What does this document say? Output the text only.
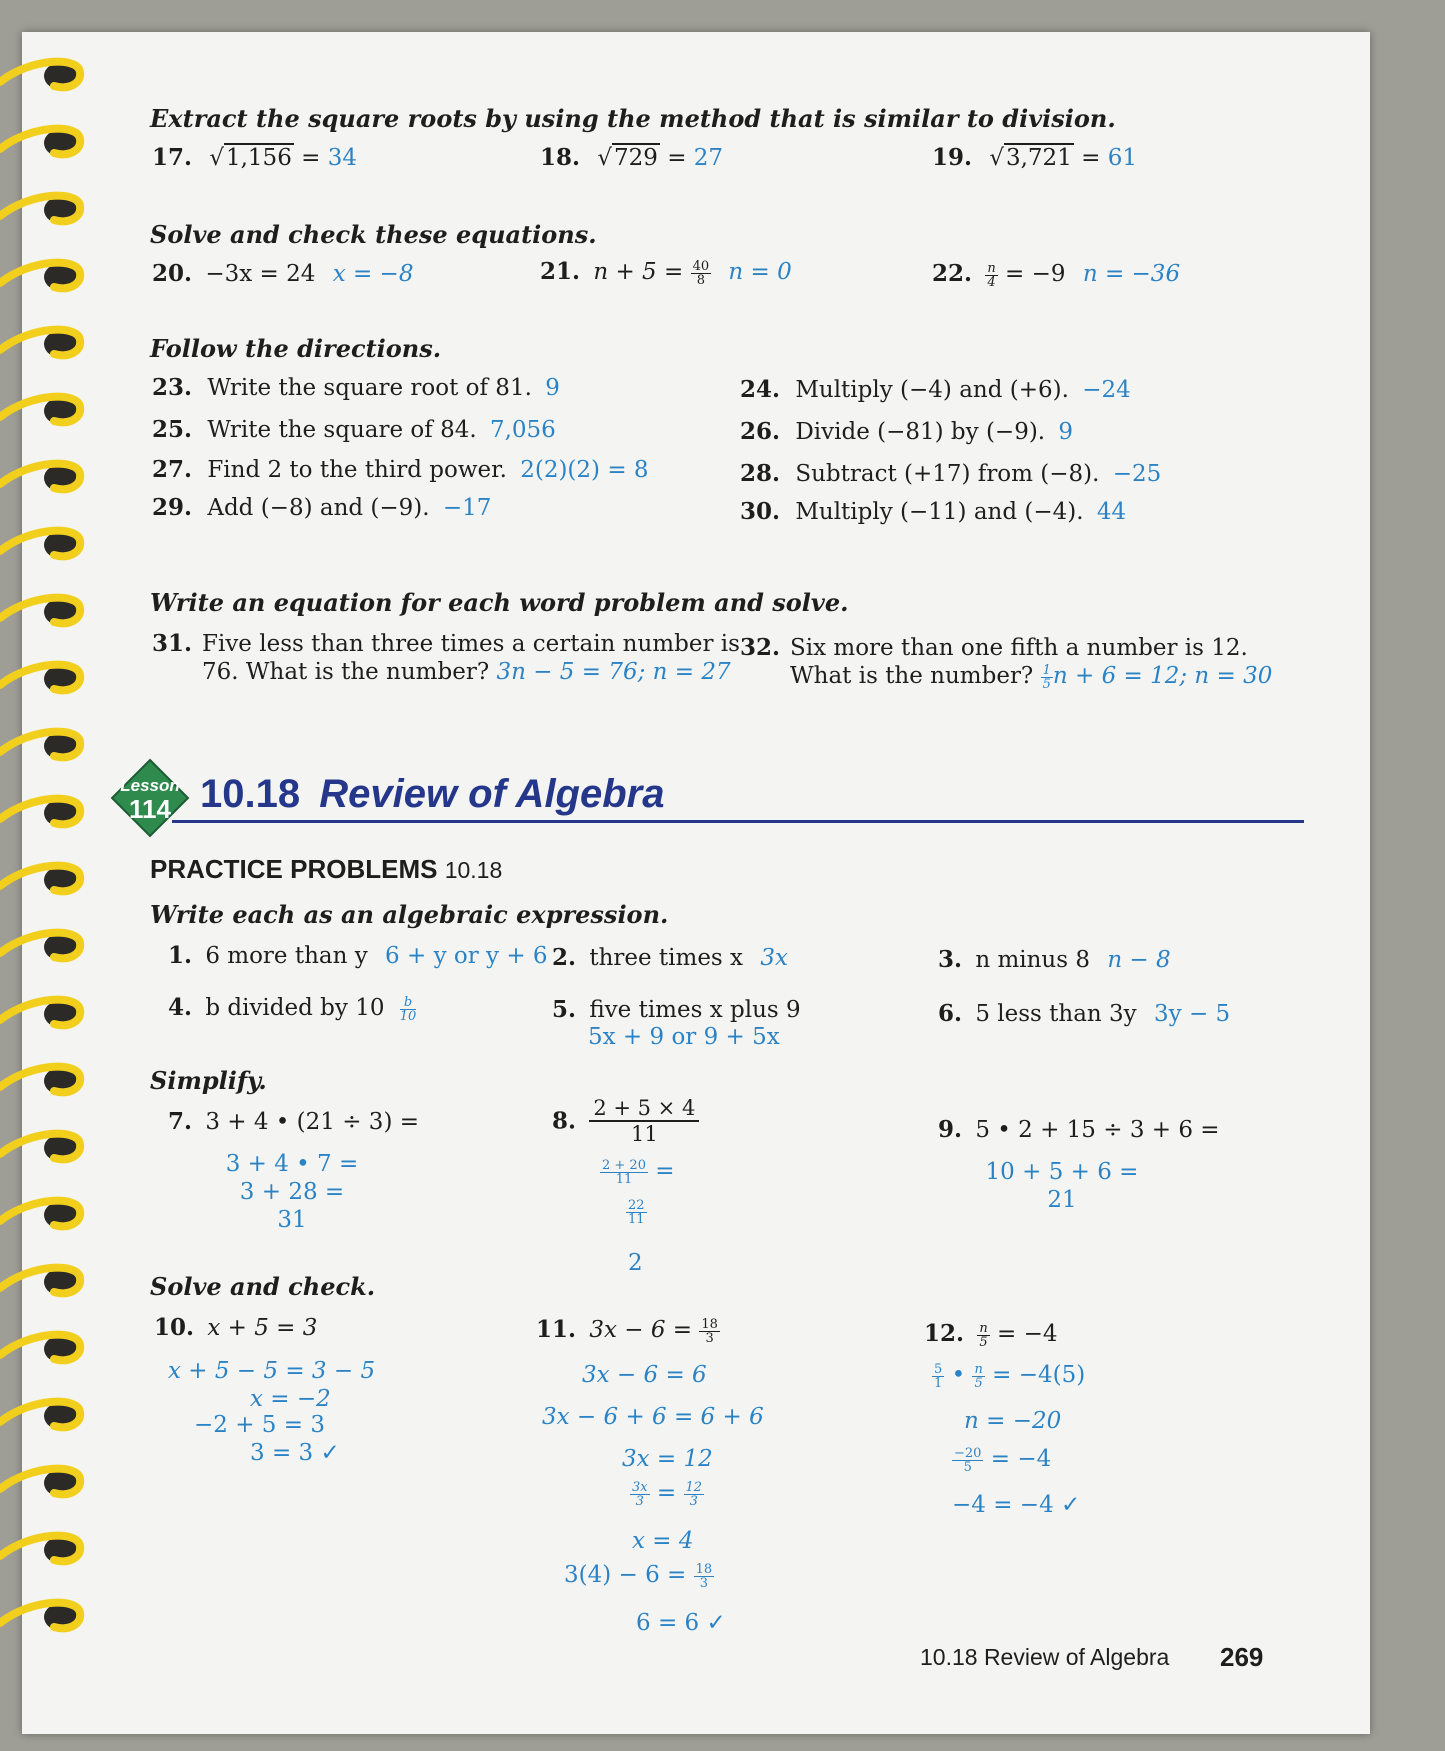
Extract the square roots by using the method that is similar to division.
17. √1,156 = 34	18. √729 = 27	19. √3,721 = 61
Solve and check these equations.
20. −3x = 24 x = −8	21. $n + 5 = \frac{40}{8}$ n = 0	22. $\frac{n}{4} = -9$ n = −36
Follow the directions.
23. Write the square root of 81. 9	24. Multiply (−4) and (+6). −24
25. Write the square of 84. 7,056	26. Divide (−81) by (−9). 9
27. Find 2 to the third power. 2(2)(2) = 8	28. Subtract (+17) from (−8). −25
29. Add (−8) and (−9). −17	30. Multiply (−11) and (−4). 44
Write an equation for each word problem and solve.
31. Five less than three times a certain number is
76. What is the number? 3n − 5 = 76; n = 27
32. Six more than one fifth a number is 12.
What is the number? $\frac{1}{5}$ n + 6 = 12; n = 30
Lesson
114 10.18 Review of Algebra
PRACTICE PROBLEMS 10.18
Write each as an algebraic expression.
1. 6 more than y 6 + y or y + 6 2. three times x 3x	3. n minus 8 n − 8
4. b divided by $10 \frac{b}{10}$	5. five times x plus 9
5x + 9 or 9 + 5x
6. 5 less than 3y 3y − 5
Simplify.
7. 3 + 4 • (21 ÷ 3) =
3 + 4 • 7 =
3 + 28 =
31
8. $\frac{2 + 5 \times 4}{11}$
$\frac{2 + 20}{11}$ =
$\frac{22}{11}$
2
9. 5 • 2 + 15 ÷ 3 + 6 =
10 + 5 + 6 =
21
Solve and check.
10. x + 5 = 3
x + 5 − 5 = 3 − 5
x = −2
−2 + 5 = 3
3 = 3 ✓
11. $3x - 6 = \frac{18}{3}$
3x − 6 = 6
3x − 6 + 6 = 6 + 6
3x = 12
$\frac{3x}{3} = \frac{12}{3}$
x = 4
$3(4) - 6 = \frac{18}{3}$
6 = 6 ✓
12. $\frac{n}{5} = -4$
$\frac{5}{1}$ • $\frac{n}{5} = -4(5)$
n = −20
$\frac{-20}{5} = -4$
−4 = −4 ✓
10.18 Review of Algebra 269
